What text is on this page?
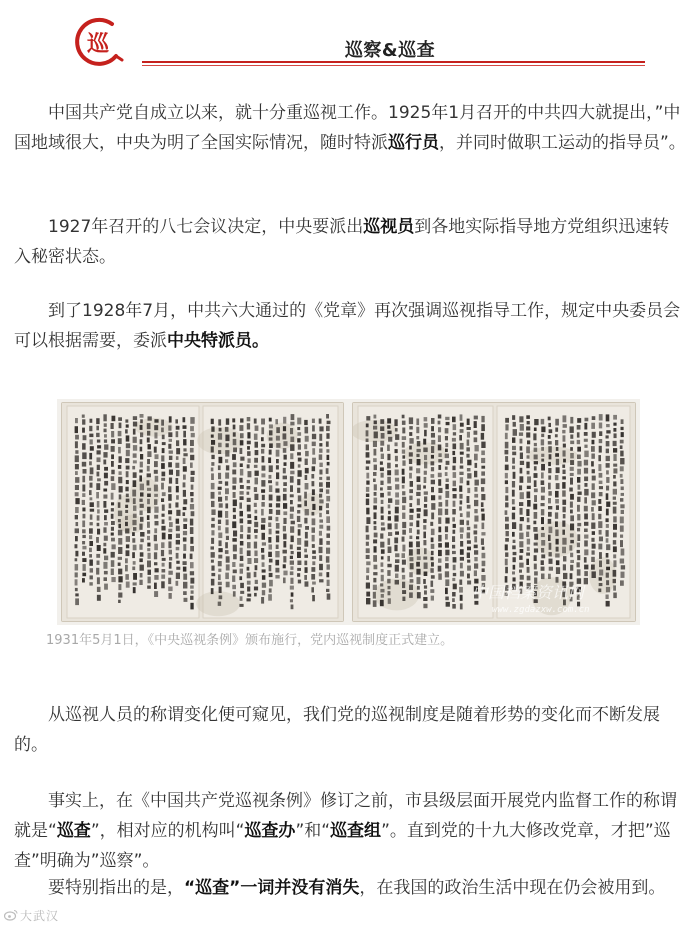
巡	巡察&巡查

中国共产党自成立以来，就十分重巡视工作。1925年1月召开的中共四大就提出，”中国地域很大，中央为明了全国实际情况，随时特派巡行员，并同时做职工运动的指导员”。

1927年召开的八七会议决定，中央要派出巡视员到各地实际指导地方党组织迅速转入秘密状态。

到了1928年7月，中共六大通过的《党章》再次强调巡视指导工作，规定中央委员会可以根据需要，委派中央特派员。

中国档案资讯网
www.zgdazxw.com.cn
1931年5月1日，《中央巡视条例》颁布施行，党内巡视制度正式建立。

从巡视人员的称谓变化便可窥见，我们党的巡视制度是随着形势的变化而不断发展的。

事实上，在《中国共产党巡视条例》修订之前，市县级层面开展党内监督工作的称谓就是“巡查”，相对应的机构叫“巡查办”和“巡查组”。直到党的十九大修改党章，才把”巡查”明确为”巡察”。

要特别指出的是，“巡查”一词并没有消失，在我国的政治生活中现在仍会被用到。

大武汉
